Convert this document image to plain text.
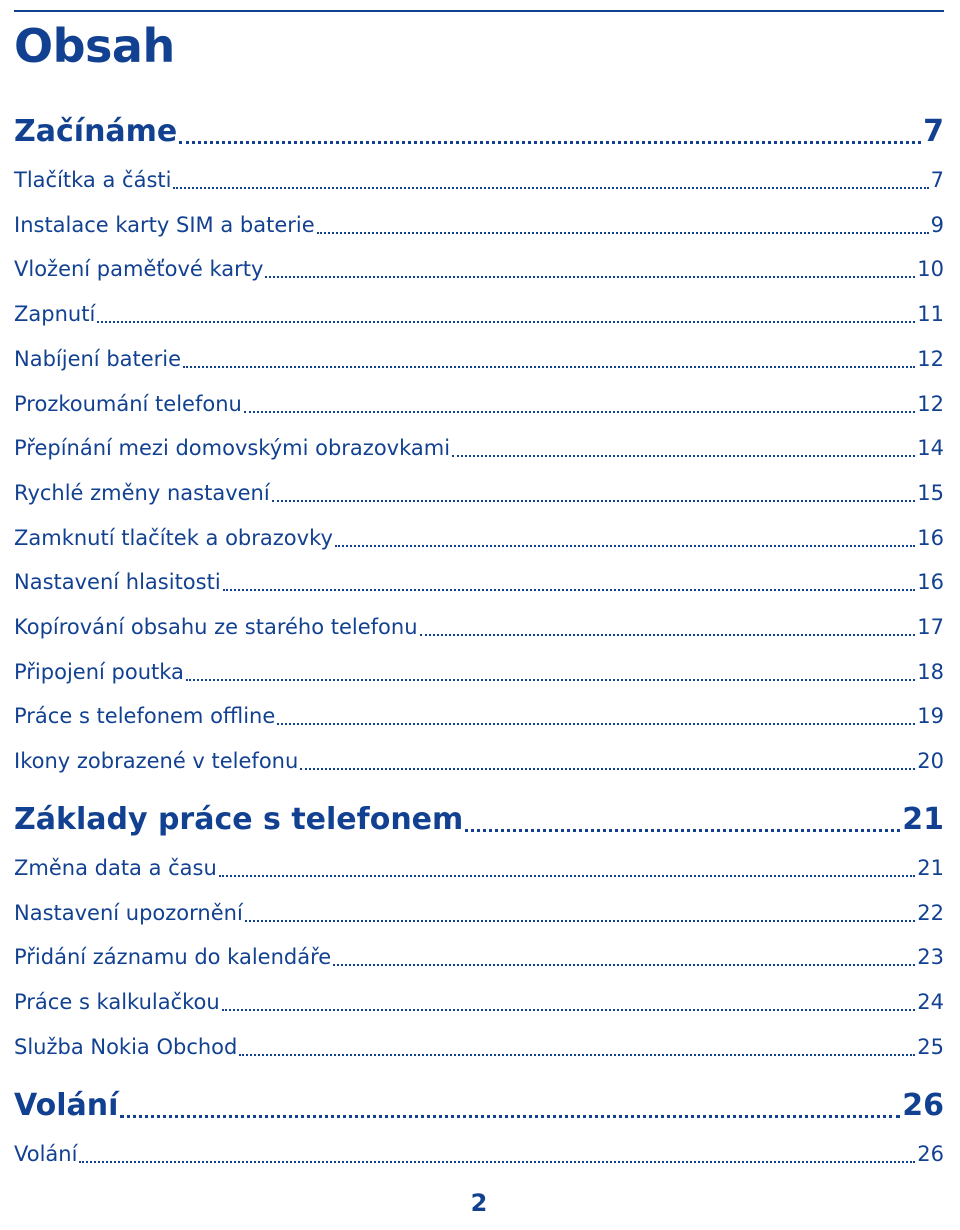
Obsah
Začínáme	7
Tlačítka a části	7
Instalace karty SIM a baterie	9
Vložení paměťové karty	10
Zapnutí	11
Nabíjení baterie	12
Prozkoumání telefonu	12
Přepínání mezi domovskými obrazovkami	14
Rychlé změny nastavení	15
Zamknutí tlačítek a obrazovky	16
Nastavení hlasitosti	16
Kopírování obsahu ze starého telefonu	17
Připojení poutka	18
Práce s telefonem offline	19
Ikony zobrazené v telefonu	20
Základy práce s telefonem	21
Změna data a času	21
Nastavení upozornění	22
Přidání záznamu do kalendáře	23
Práce s kalkulačkou	24
Služba Nokia Obchod	25
Volání	26
Volání	26
2
